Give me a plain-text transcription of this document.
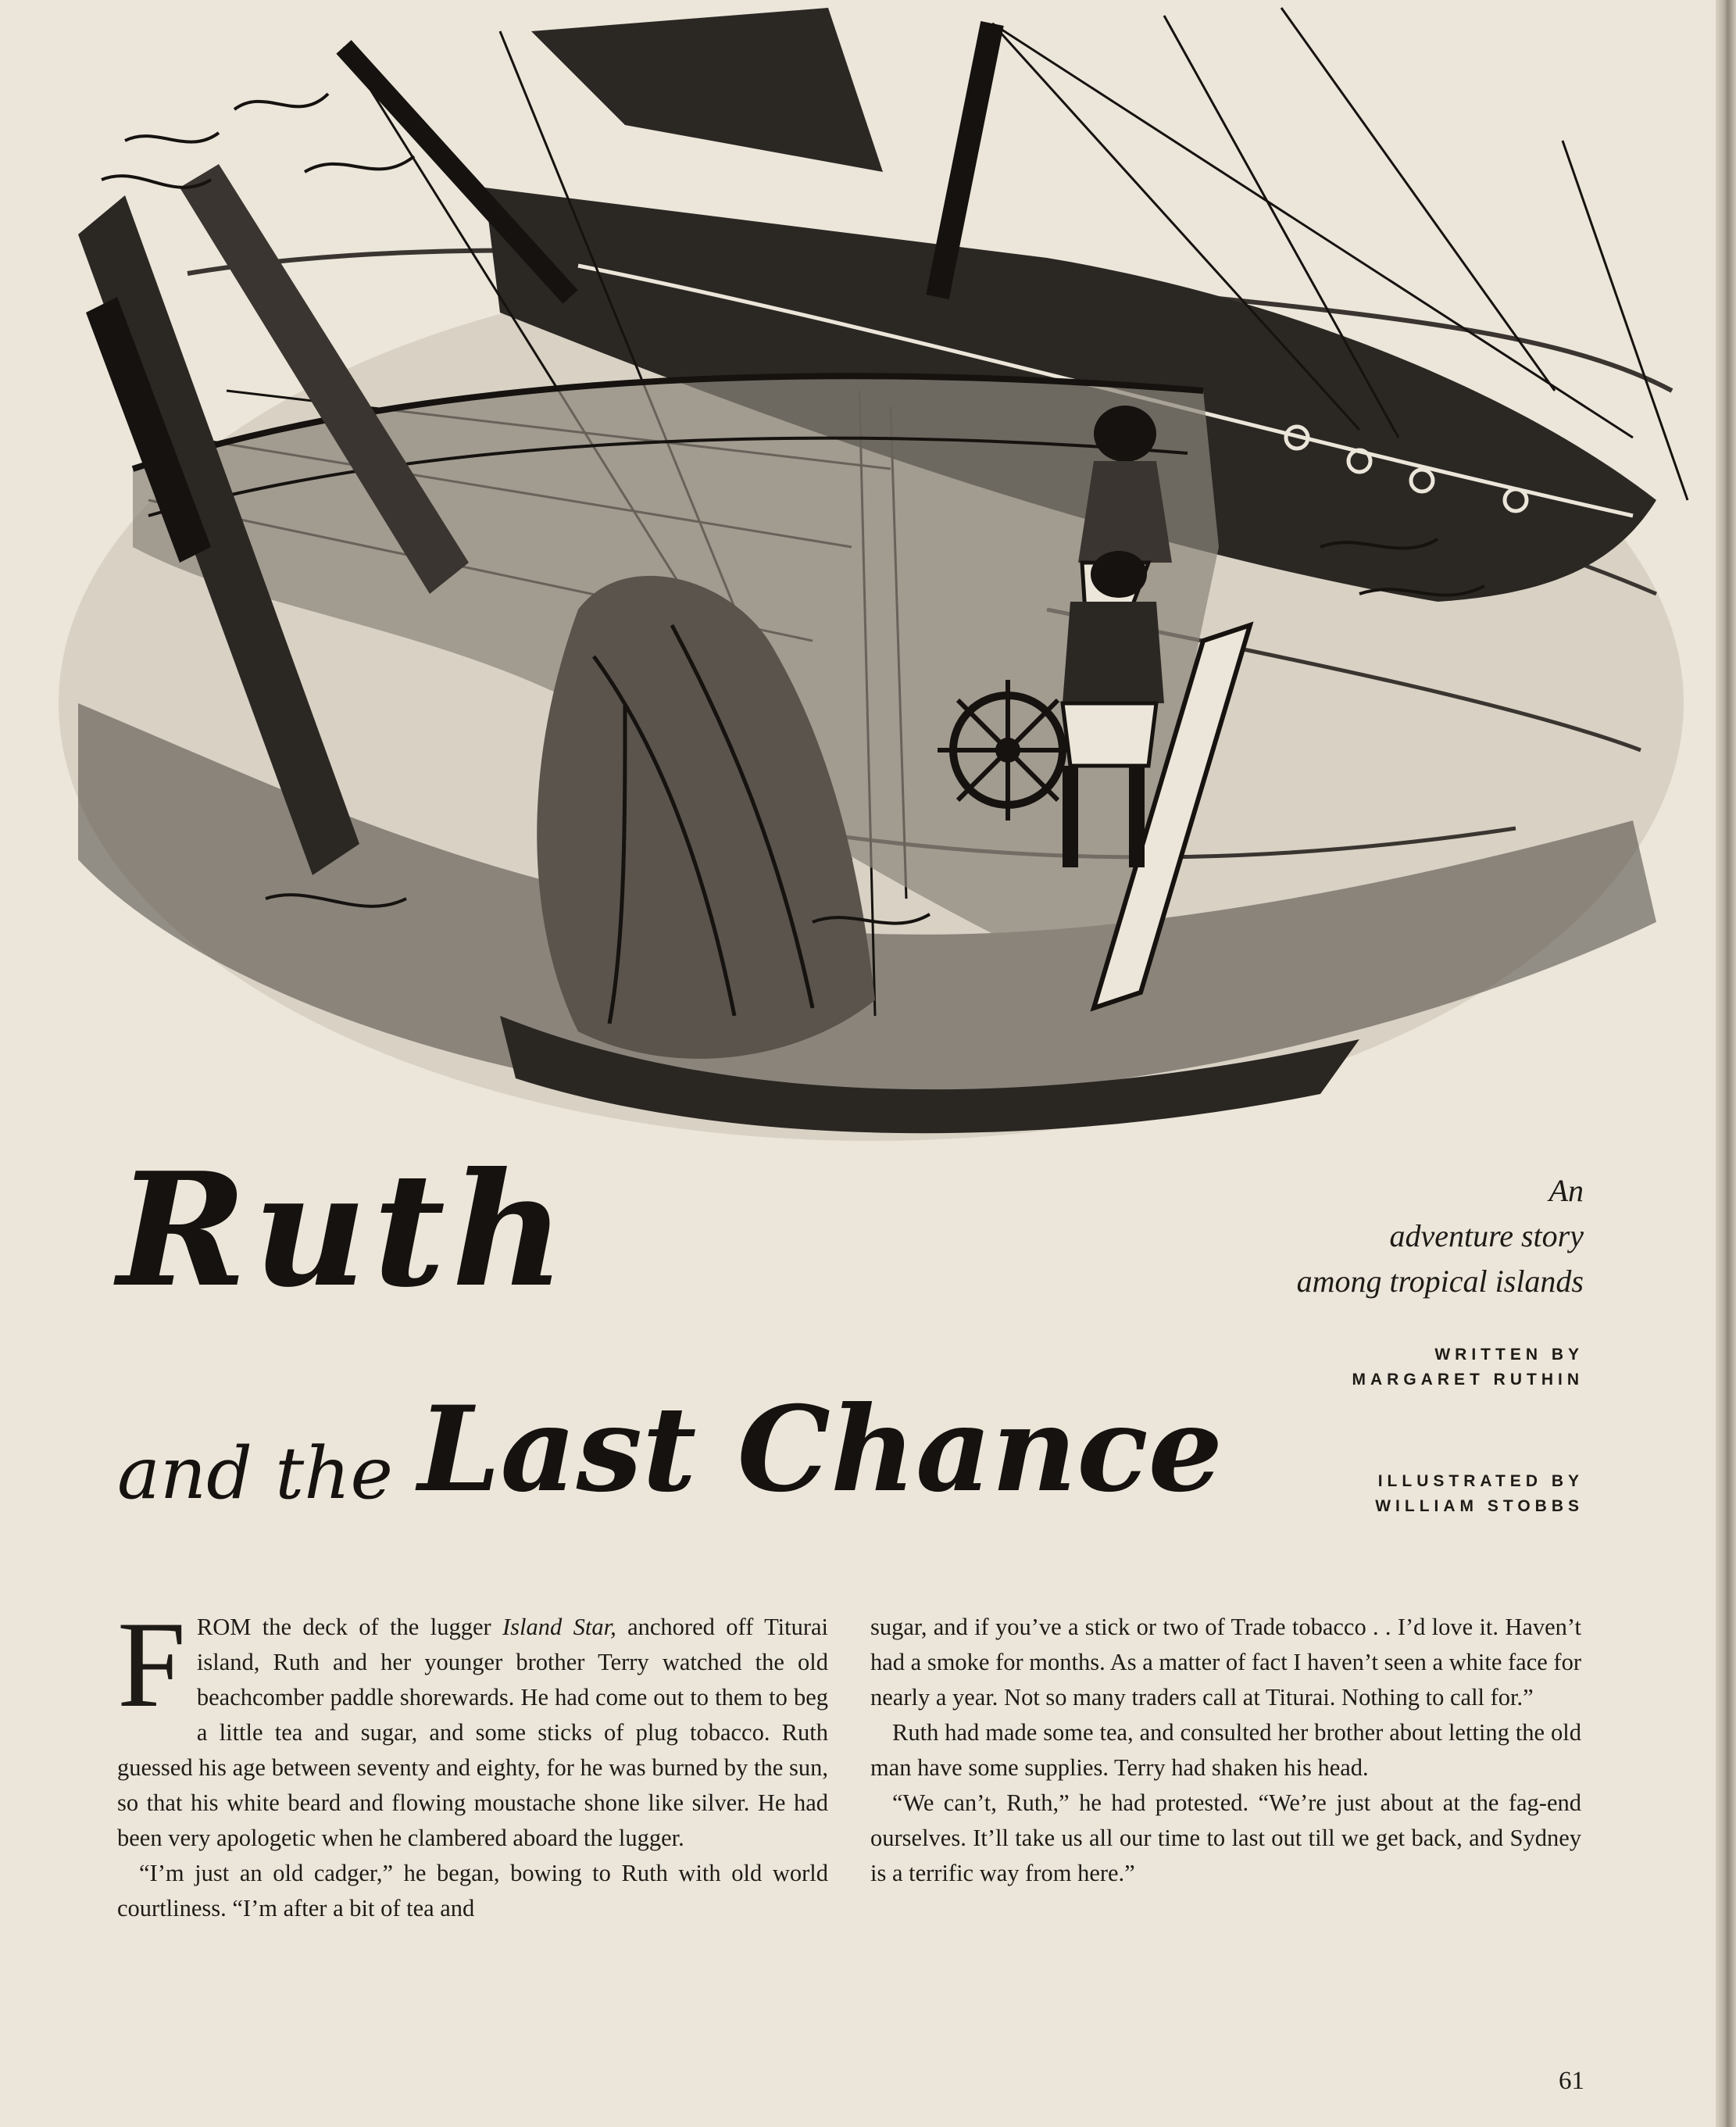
Ruth
and the Last Chance
An
adventure story
among tropical islands
WRITTEN BY
MARGARET RUTHIN
ILLUSTRATED BY
WILLIAM STOBBS

FROM the deck of the lugger Island Star, anchored off Titurai island, Ruth and her younger brother Terry watched the old beachcomber paddle shorewards. He had come out to them to beg a little tea and sugar, and some sticks of plug tobacco. Ruth guessed his age between seventy and eighty, for he was burned by the sun, so that his white beard and flowing moustache shone like silver. He had been very apologetic when he clambered aboard the lugger.

“I’m just an old cadger,” he began, bowing to Ruth with old world courtliness. “I’m after a bit of tea and

sugar, and if you’ve a stick or two of Trade tobacco . . I’d love it. Haven’t had a smoke for months. As a matter of fact I haven’t seen a white face for nearly a year. Not so many traders call at Titurai. Nothing to call for.”

Ruth had made some tea, and consulted her brother about letting the old man have some supplies. Terry had shaken his head.

“We can’t, Ruth,” he had protested. “We’re just about at the fag-end ourselves. It’ll take us all our time to last out till we get back, and Sydney is a terrific way from here.”

61
